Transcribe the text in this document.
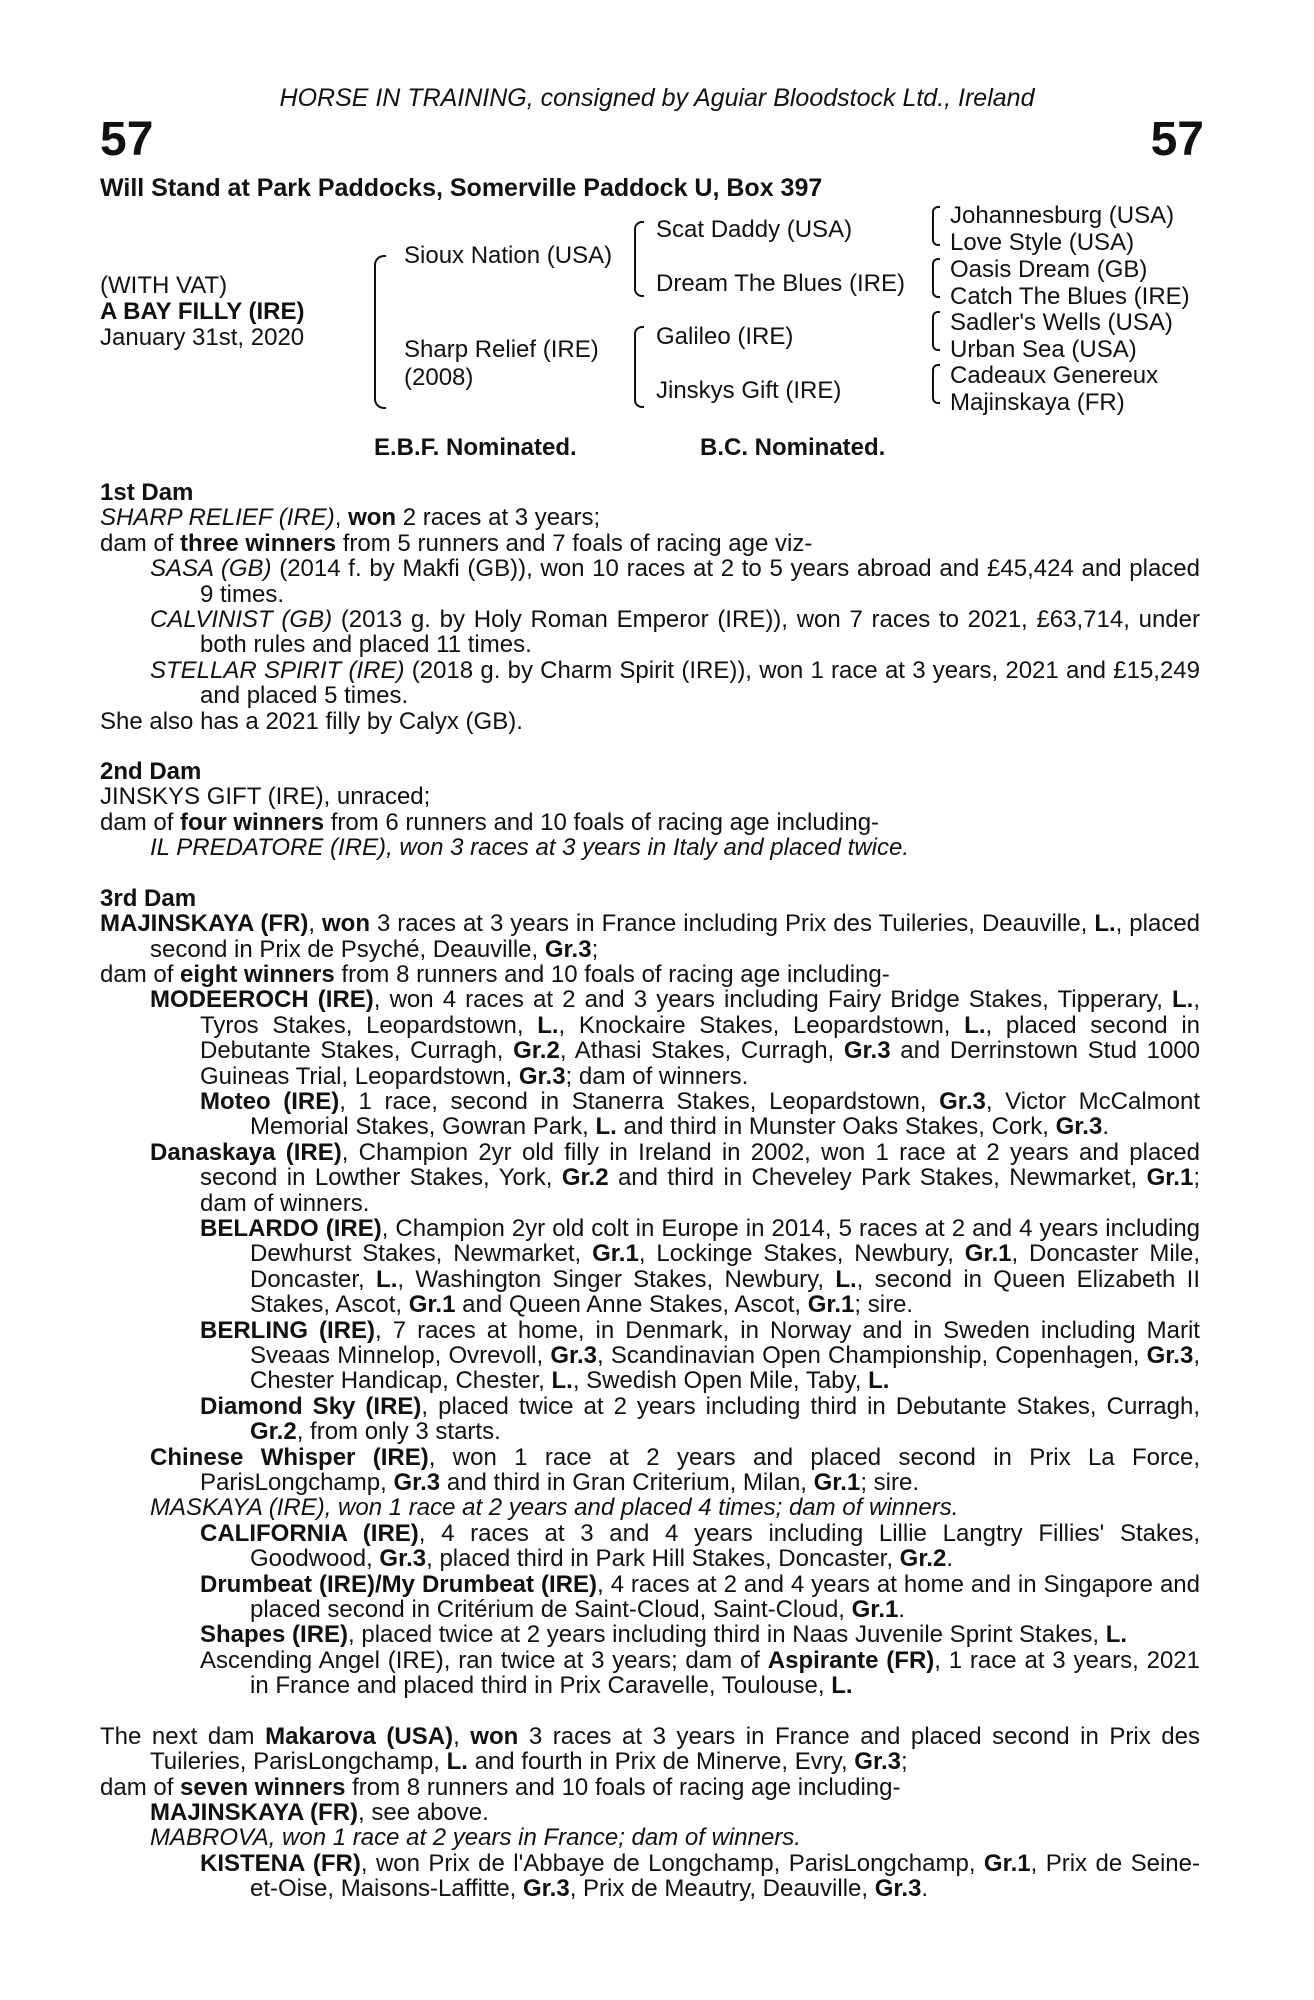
HORSE IN TRAINING, consigned by Aguiar Bloodstock Ltd., Ireland
57	57
Will Stand at Park Paddocks, Somerville Paddock U, Box 397
(WITH VAT)
A BAY FILLY (IRE)
January 31st, 2020
Sioux Nation (USA)
Sharp Relief (IRE)
(2008)
Scat Daddy (USA)
Dream The Blues (IRE)
Galileo (IRE)
Jinskys Gift (IRE)
Johannesburg (USA)
Love Style (USA)
Oasis Dream (GB)
Catch The Blues (IRE)
Sadler's Wells (USA)
Urban Sea (USA)
Cadeaux Genereux
Majinskaya (FR)
E.B.F. Nominated.	B.C. Nominated.

1st Dam

SHARP RELIEF (IRE), won 2 races at 3 years;

dam of three winners from 5 runners and 7 foals of racing age viz-

SASA (GB) (2014 f. by Makfi (GB)), won 10 races at 2 to 5 years abroad and £45,424 and placed 9 times.

CALVINIST (GB) (2013 g. by Holy Roman Emperor (IRE)), won 7 races to 2021, £63,714, under both rules and placed 11 times.

STELLAR SPIRIT (IRE) (2018 g. by Charm Spirit (IRE)), won 1 race at 3 years, 2021 and £15,249 and placed 5 times.

She also has a 2021 filly by Calyx (GB).

2nd Dam

JINSKYS GIFT (IRE), unraced;

dam of four winners from 6 runners and 10 foals of racing age including-

IL PREDATORE (IRE), won 3 races at 3 years in Italy and placed twice.

3rd Dam

MAJINSKAYA (FR), won 3 races at 3 years in France including Prix des Tuileries, Deauville, L., placed second in Prix de Psyché, Deauville, Gr.3;

dam of eight winners from 8 runners and 10 foals of racing age including-

MODEEROCH (IRE), won 4 races at 2 and 3 years including Fairy Bridge Stakes, Tipperary, L., Tyros Stakes, Leopardstown, L., Knockaire Stakes, Leopardstown, L., placed second in Debutante Stakes, Curragh, Gr.2, Athasi Stakes, Curragh, Gr.3 and Derrinstown Stud 1000 Guineas Trial, Leopardstown, Gr.3; dam of winners.

Moteo (IRE), 1 race, second in Stanerra Stakes, Leopardstown, Gr.3, Victor McCalmont Memorial Stakes, Gowran Park, L. and third in Munster Oaks Stakes, Cork, Gr.3.

Danaskaya (IRE), Champion 2yr old filly in Ireland in 2002, won 1 race at 2 years and placed second in Lowther Stakes, York, Gr.2 and third in Cheveley Park Stakes, Newmarket, Gr.1; dam of winners.

BELARDO (IRE), Champion 2yr old colt in Europe in 2014, 5 races at 2 and 4 years including Dewhurst Stakes, Newmarket, Gr.1, Lockinge Stakes, Newbury, Gr.1, Doncaster Mile, Doncaster, L., Washington Singer Stakes, Newbury, L., second in Queen Elizabeth II Stakes, Ascot, Gr.1 and Queen Anne Stakes, Ascot, Gr.1; sire.

BERLING (IRE), 7 races at home, in Denmark, in Norway and in Sweden including Marit Sveaas Minnelop, Ovrevoll, Gr.3, Scandinavian Open Championship, Copenhagen, Gr.3, Chester Handicap, Chester, L., Swedish Open Mile, Taby, L.

Diamond Sky (IRE), placed twice at 2 years including third in Debutante Stakes, Curragh, Gr.2, from only 3 starts.

Chinese Whisper (IRE), won 1 race at 2 years and placed second in Prix La Force, ParisLongchamp, Gr.3 and third in Gran Criterium, Milan, Gr.1; sire.

MASKAYA (IRE), won 1 race at 2 years and placed 4 times; dam of winners.

CALIFORNIA (IRE), 4 races at 3 and 4 years including Lillie Langtry Fillies' Stakes, Goodwood, Gr.3, placed third in Park Hill Stakes, Doncaster, Gr.2.

Drumbeat (IRE)/My Drumbeat (IRE), 4 races at 2 and 4 years at home and in Singapore and placed second in Critérium de Saint-Cloud, Saint-Cloud, Gr.1.

Shapes (IRE), placed twice at 2 years including third in Naas Juvenile Sprint Stakes, L.

Ascending Angel (IRE), ran twice at 3 years; dam of Aspirante (FR), 1 race at 3 years, 2021 in France and placed third in Prix Caravelle, Toulouse, L.

The next dam Makarova (USA), won 3 races at 3 years in France and placed second in Prix des Tuileries, ParisLongchamp, L. and fourth in Prix de Minerve, Evry, Gr.3;

dam of seven winners from 8 runners and 10 foals of racing age including-

MAJINSKAYA (FR), see above.

MABROVA, won 1 race at 2 years in France; dam of winners.

KISTENA (FR), won Prix de l'Abbaye de Longchamp, ParisLongchamp, Gr.1, Prix de Seine-et-Oise, Maisons-Laffitte, Gr.3, Prix de Meautry, Deauville, Gr.3.
